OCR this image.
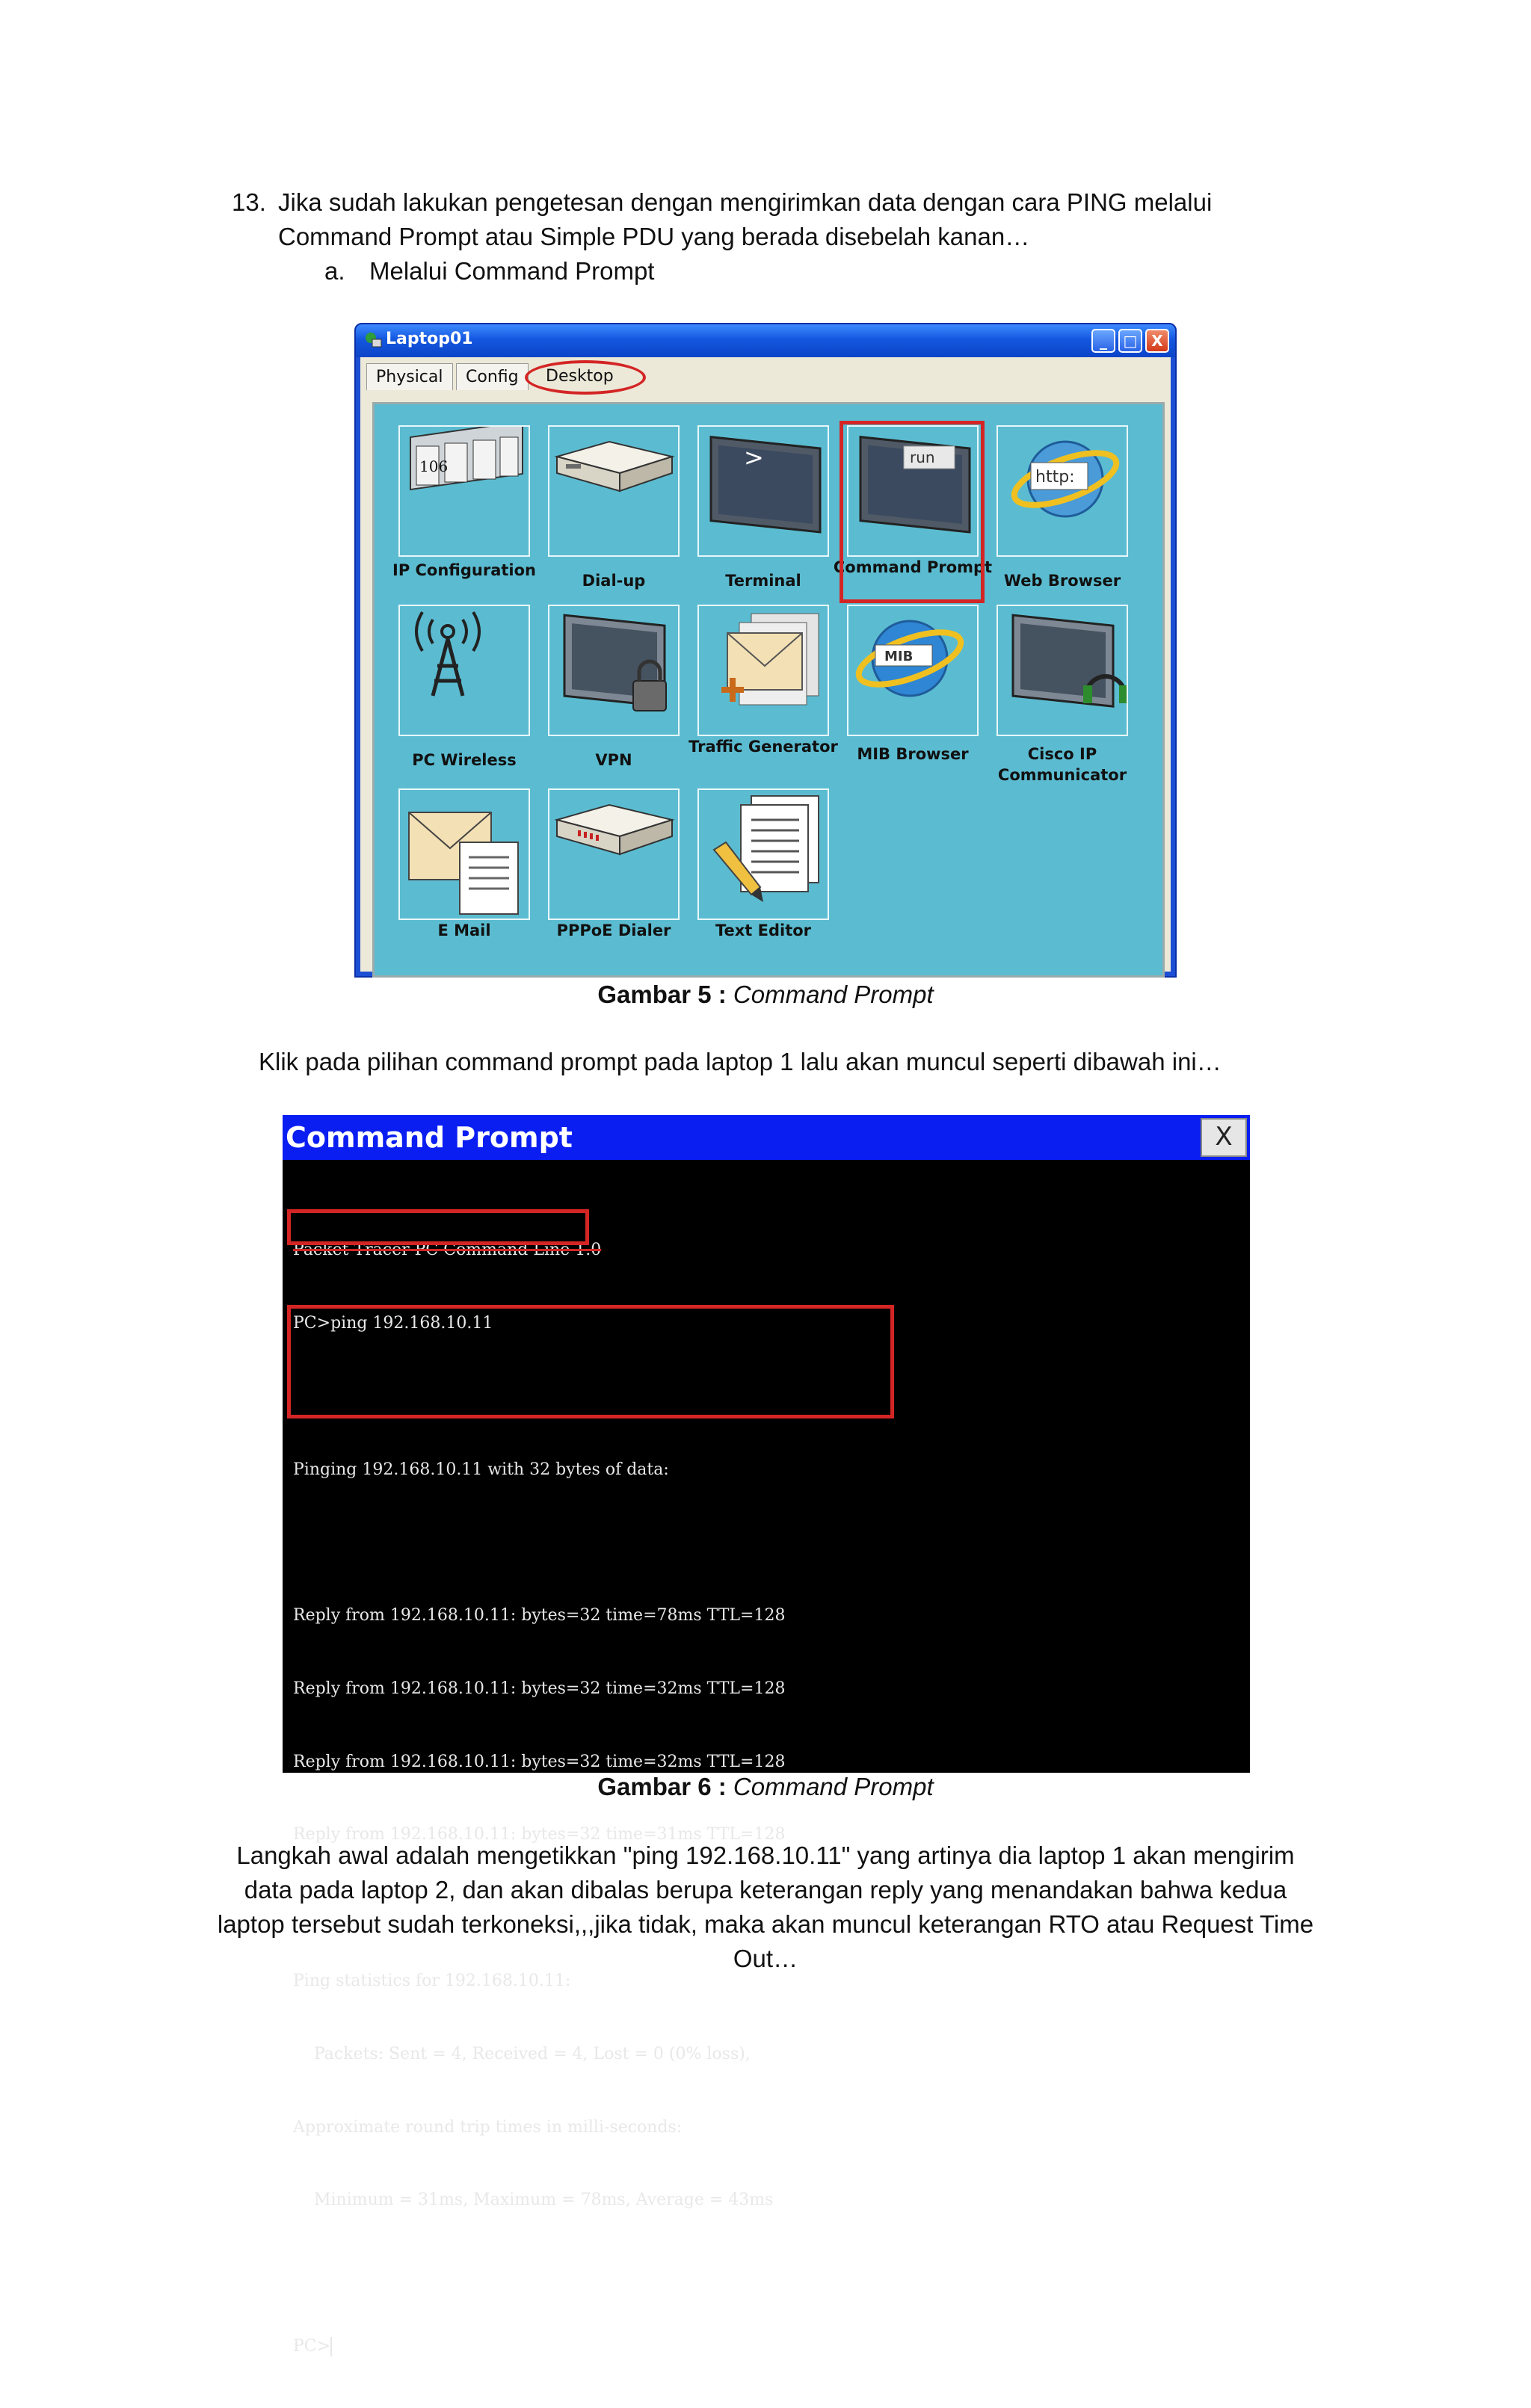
13. Jika sudah lakukan pengetesan dengan mengirimkan data dengan cara PING melalui
Command Prompt atau Simple PDU yang berada disebelah kanan…
a. Melalui Command Prompt
Laptop01	_	□ X
Physical	Config	Desktop
106
IP Configuration
Dial-up
>
Terminal
run
Command Prompt
http:
Web Browser
PC Wireless	VPN
Traffic Generator
MIB
MIB Browser	Cisco IP Communicator
E Mail	PPPoE Dialer	Text Editor
Gambar 5 : Command Prompt
Klik pada pilihan command prompt pada laptop 1 lalu akan muncul seperti dibawah ini…
Command Prompt	X

Packet Tracer PC Command Line 1.0

PC>ping 192.168.10.11

Pinging 192.168.10.11 with 32 bytes of data:

Reply from 192.168.10.11: bytes=32 time=78ms TTL=128

Reply from 192.168.10.11: bytes=32 time=32ms TTL=128

Reply from 192.168.10.11: bytes=32 time=32ms TTL=128

Reply from 192.168.10.11: bytes=32 time=31ms TTL=128

Ping statistics for 192.168.10.11:

Packets: Sent = 4, Received = 4, Lost = 0 (0% loss),

Approximate round trip times in milli-seconds:

Minimum = 31ms, Maximum = 78ms, Average = 43ms

PC>

Gambar 6 : Command Prompt
Langkah awal adalah mengetikkan "ping 192.168.10.11" yang artinya dia laptop 1 akan mengirim
data pada laptop 2, dan akan dibalas berupa keterangan reply yang menandakan bahwa kedua
laptop tersebut sudah terkoneksi,,,jika tidak, maka akan muncul keterangan RTO atau Request Time
Out…
